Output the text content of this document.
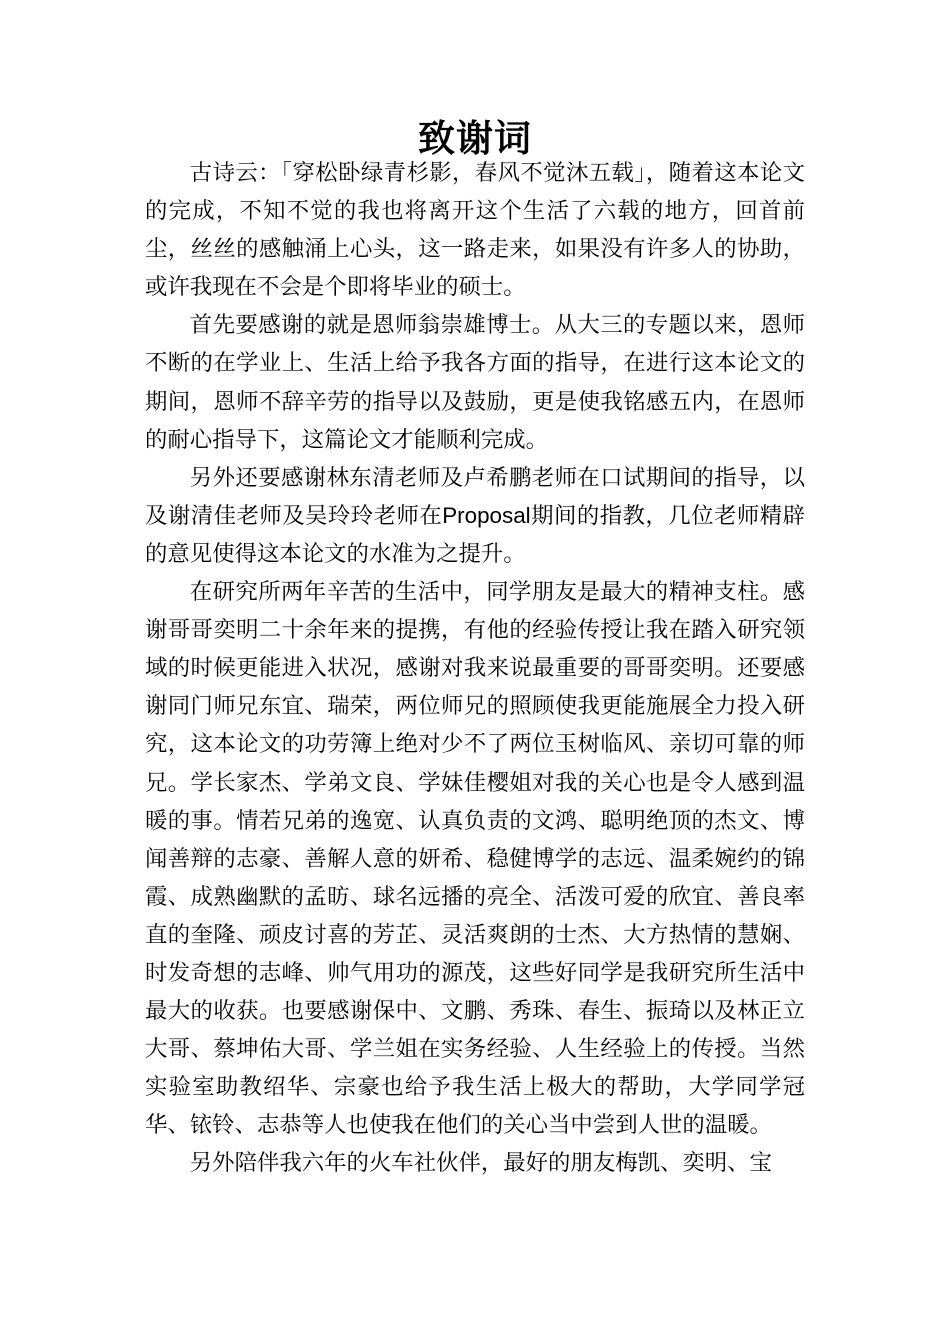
致谢词

古诗云：「穿松卧绿青杉影，春风不觉沐五载」，随着这本论文的完成，不知不觉的我也将离开这个生活了六载的地方，回首前尘，丝丝的感触涌上心头，这一路走来，如果没有许多人的协助，或许我现在不会是个即将毕业的硕士。

首先要感谢的就是恩师翁崇雄博士。从大三的专题以来，恩师不断的在学业上、生活上给予我各方面的指导，在进行这本论文的期间，恩师不辞辛劳的指导以及鼓励，更是使我铭感五内，在恩师的耐心指导下，这篇论文才能顺利完成。

另外还要感谢林东清老师及卢希鹏老师在口试期间的指导，以及谢清佳老师及吴玲玲老师在Proposal期间的指教，几位老师精辟的意见使得这本论文的水准为之提升。

在研究所两年辛苦的生活中，同学朋友是最大的精神支柱。感谢哥哥奕明二十余年来的提携，有他的经验传授让我在踏入研究领域的时候更能进入状况，感谢对我来说最重要的哥哥奕明。还要感谢同门师兄东宜、瑞荣，两位师兄的照顾使我更能施展全力投入研究，这本论文的功劳簿上绝对少不了两位玉树临风、亲切可靠的师兄。学长家杰、学弟文良、学妹佳樱姐对我的关心也是令人感到温暖的事。情若兄弟的逸宽、认真负责的文鸿、聪明绝顶的杰文、博闻善辩的志豪、善解人意的妍希、稳健博学的志远、温柔婉约的锦霞、成熟幽默的孟昉、球名远播的亮全、活泼可爱的欣宜、善良率直的奎隆、顽皮讨喜的芳芷、灵活爽朗的士杰、大方热情的慧娴、时发奇想的志峰、帅气用功的源茂，这些好同学是我研究所生活中最大的收获。也要感谢保中、文鹏、秀珠、春生、振琦以及林正立大哥、蔡坤佑大哥、学兰姐在实务经验、人生经验上的传授。当然实验室助教绍华、宗豪也给予我生活上极大的帮助，大学同学冠华、铱铃、志恭等人也使我在他们的关心当中尝到人世的温暖。

另外陪伴我六年的火车社伙伴，最好的朋友梅凯、奕明、宝
